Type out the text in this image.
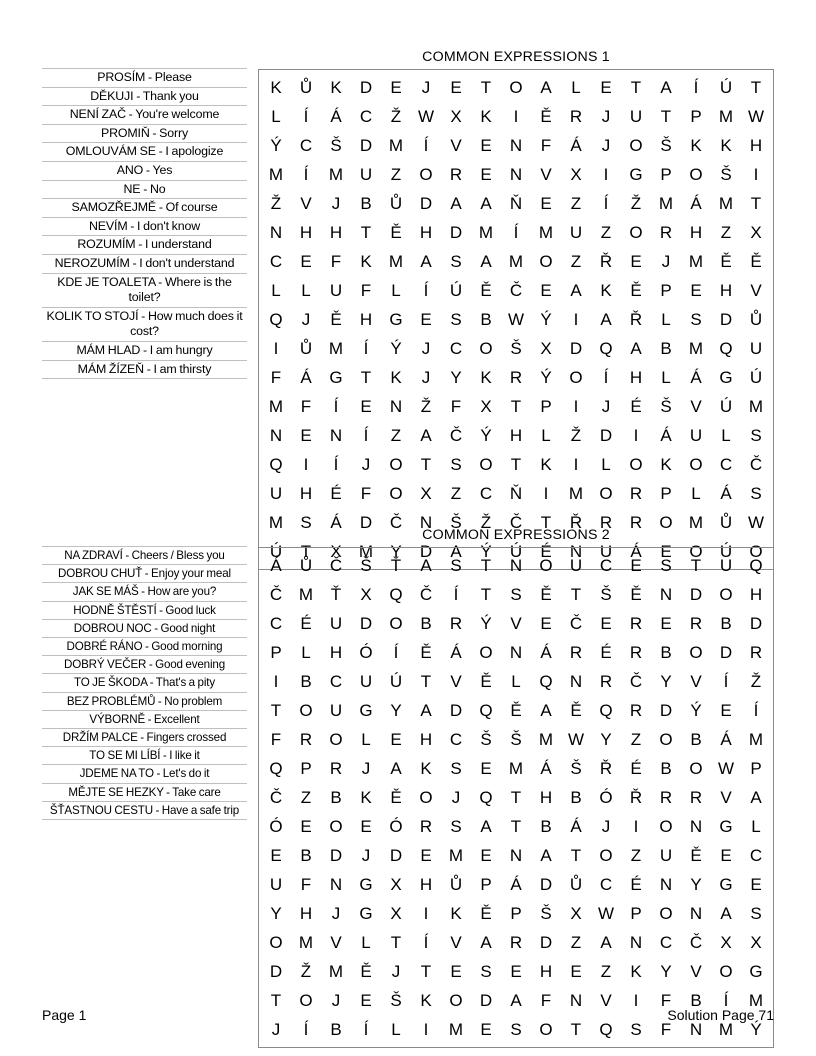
PROSÍM - Please
DĚKUJI - Thank you
NENÍ ZAČ - You're welcome
PROMIŇ - Sorry
OMLOUVÁM SE - I apologize
ANO - Yes
NE - No
SAMOZŘEJMĚ - Of course
NEVÍM - I don't know
ROZUMÍM - I understand
NEROZUMÍM - I don't understand
KDE JE TOALETA - Where is the toilet?
KOLIK TO STOJÍ - How much does it cost?
MÁM HLAD - I am hungry
MÁM ŽÍZEŇ - I am thirsty
COMMON EXPRESSIONS 1
K	Ů	K	D	E	J	E	T	O	A	L	E	T	A	Í	Ú	T
L	Í	Á	C	Ž	W	X	K	I	Ě	R	J	U	T	P	M	W
Ý	C	Š	D	M	Í	V	E	N	F	Á	J	O	Š	K	K	H
M	Í	M	U	Z	O	R	E	N	V	X	I	G	P	O	Š	I
Ž	V	J	B	Ů	D	A	A	Ň	E	Z	Í	Ž	M	Á	M	T
N	H	H	T	Ě	H	D	M	Í	M	U	Z	O	R	H	Z	X
C	E	F	K	M	A	S	A	M	O	Z	Ř	E	J	M	Ě	Ě
L	L	U	F	L	Í	Ú	Ě	Č	E	A	K	Ě	P	E	H	V
Q	J	Ě	H	G	E	S	B	W	Ý	I	A	Ř	L	S	D	Ů
I	Ů	M	Í	Ý	J	C	O	Š	X	D	Q	A	B	M	Q	U
F	Á	G	T	K	J	Y	K	R	Ý	O	Í	H	L	Á	G	Ú
M	F	Í	E	N	Ž	F	X	T	P	I	J	É	Š	V	Ú	M
N	E	N	Í	Z	A	Č	Ý	H	L	Ž	D	I	Á	U	L	S
Q	I	Í	J	O	T	S	O	T	K	I	L	O	K	O	C	Č
U	H	É	F	O	X	Z	C	Ň	I	M	O	R	P	L	Á	S
M	S	Á	D	Č	N	Š	Ž	Č	T	Ř	R	R	O	M	Ů	W
Ú	T	X	M	Y	D	A	Ý	Ú	É	N	U	Á	E	O	Ú	O
NA ZDRAVÍ - Cheers / Bless you
DOBROU CHUŤ - Enjoy your meal
JAK SE MÁŠ - How are you?
HODNĚ ŠTĚSTÍ - Good luck
DOBROU NOC - Good night
DOBRÉ RÁNO - Good morning
DOBRÝ VEČER - Good evening
TO JE ŠKODA - That's a pity
BEZ PROBLÉMŮ - No problem
VÝBORNĚ - Excellent
DRŽÍM PALCE - Fingers crossed
TO SE MI LÍBÍ - I like it
JDEME NA TO - Let's do it
MĚJTE SE HEZKY - Take care
ŠŤASTNOU CESTU - Have a safe trip
COMMON EXPRESSIONS 2
Á	Ů	Č	Š	Ť	A	S	T	N	O	U	C	E	S	T	U	Q
Č	M	Ť	X	Q	Č	Í	T	S	Ě	T	Š	Ě	N	D	O	H
C	É	U	D	O	B	R	Ý	V	E	Č	E	R	E	R	B	D
P	L	H	Ó	Í	Ě	Á	O	N	Á	R	É	R	B	O	D	R
I	B	C	U	Ú	T	V	Ě	L	Q	N	R	Č	Y	V	Í	Ž
T	O	U	G	Y	A	D	Q	Ě	A	Ě	Q	R	D	Ý	E	Í
F	R	O	L	E	H	C	Š	Š	M	W	Y	Z	O	B	Á	M
Q	P	R	J	A	K	S	E	M	Á	Š	Ř	É	B	O	W	P
Č	Z	B	K	Ě	O	J	Q	T	H	B	Ó	Ř	R	R	V	A
Ó	E	O	E	Ó	R	S	A	T	B	Á	J	I	O	N	G	L
E	B	D	J	D	E	M	E	N	A	T	O	Z	U	Ě	E	C
U	F	N	G	X	H	Ů	P	Á	D	Ů	C	É	N	Y	G	E
Y	H	J	G	X	I	K	Ě	P	Š	X	W	P	O	N	A	S
O	M	V	L	T	Í	V	A	R	D	Z	A	N	C	Č	X	X
D	Ž	M	Ě	J	T	E	S	E	H	E	Z	K	Y	V	O	G
T	O	J	E	Š	K	O	D	A	F	N	V	I	F	B	Í	M
J	Í	B	Í	L	I	M	E	S	O	T	Q	S	F	N	M	Ý
Page 1	Solution Page 71
